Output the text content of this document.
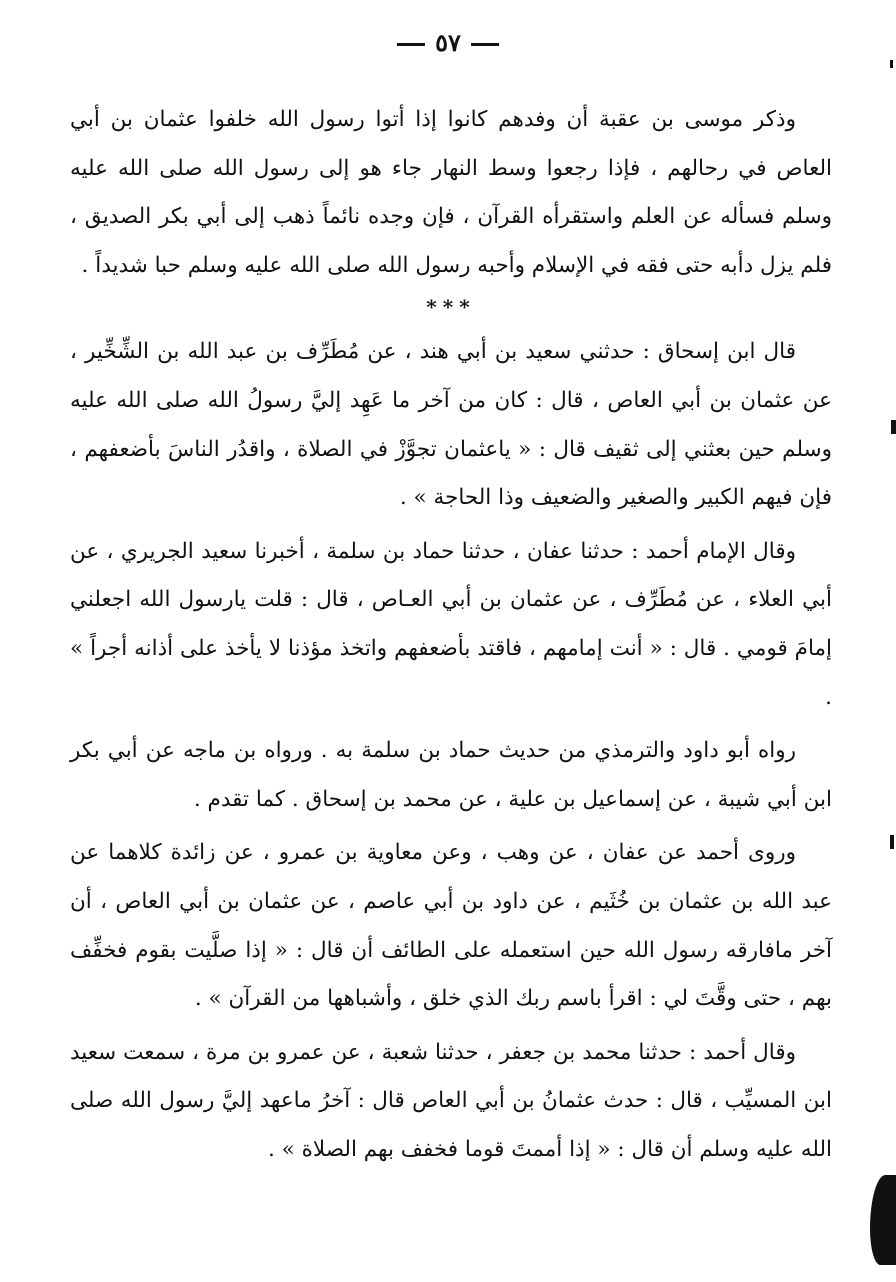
٥٧

وذكر موسى بن عقبة أن وفدهم كانوا إذا أتوا رسول الله خلفوا عثمان بن أبي العاص في رحالهم ، فإذا رجعوا وسط النهار جاء هو إلى رسول الله صلى الله عليه وسلم فسأله عن العلم واستقرأه القرآن ، فإن وجده نائماً ذهب إلى أبي بكر الصديق ، فلم يزل دأبه حتى فقه في الإسلام وأحبه رسول الله صلى الله عليه وسلم حبا شديداً .

***

قال ابن إسحاق : حدثني سعيد بن أبي هند ، عن مُطَرِّف بن عبد الله بن الشِّخِّير ، عن عثمان بن أبي العاص ، قال : كان من آخر ما عَهِد إليَّ رسولُ الله صلى الله عليه وسلم حين بعثني إلى ثقيف قال : « ياعثمان تجوَّزْ في الصلاة ، واقدُر الناسَ بأضعفهم ، فإن فيهم الكبير والصغير والضعيف وذا الحاجة » .

وقال الإمام أحمد : حدثنا عفان ، حدثنا حماد بن سلمة ، أخبرنا سعيد الجريري ، عن أبي العلاء ، عن مُطَرِّف ، عن عثمان بن أبي العـاص ، قال : قلت يارسول الله اجعلني إمامَ قومي . قال : « أنت إمامهم ، فاقتد بأضعفهم واتخذ مؤذنا لا يأخذ على أذانه أجراً » .

رواه أبو داود والترمذي من حديث حماد بن سلمة به . ورواه بن ماجه عن أبي بكر ابن أبي شيبة ، عن إسماعيل بن علية ، عن محمد بن إسحاق . كما تقدم .

وروى أحمد عن عفان ، عن وهب ، وعن معاوية بن عمرو ، عن زائدة كلاهما عن عبد الله بن عثمان بن خُثَيم ، عن داود بن أبي عاصم ، عن عثمان بن أبي العاص ، أن آخر مافارقه رسول الله حين استعمله على الطائف أن قال : « إذا صلَّيت بقوم فخفِّف بهم ، حتى وقَّتَ لي : اقرأ باسم ربك الذي خلق ، وأشباهها من القرآن » .

وقال أحمد : حدثنا محمد بن جعفر ، حدثنا شعبة ، عن عمرو بن مرة ، سمعت سعيد ابن المسيِّب ، قال : حدث عثمانُ بن أبي العاص قال : آخرُ ماعهد إليَّ رسول الله صلى الله عليه وسلم أن قال : « إذا أممتَ قوما فخفف بهم الصلاة » .
